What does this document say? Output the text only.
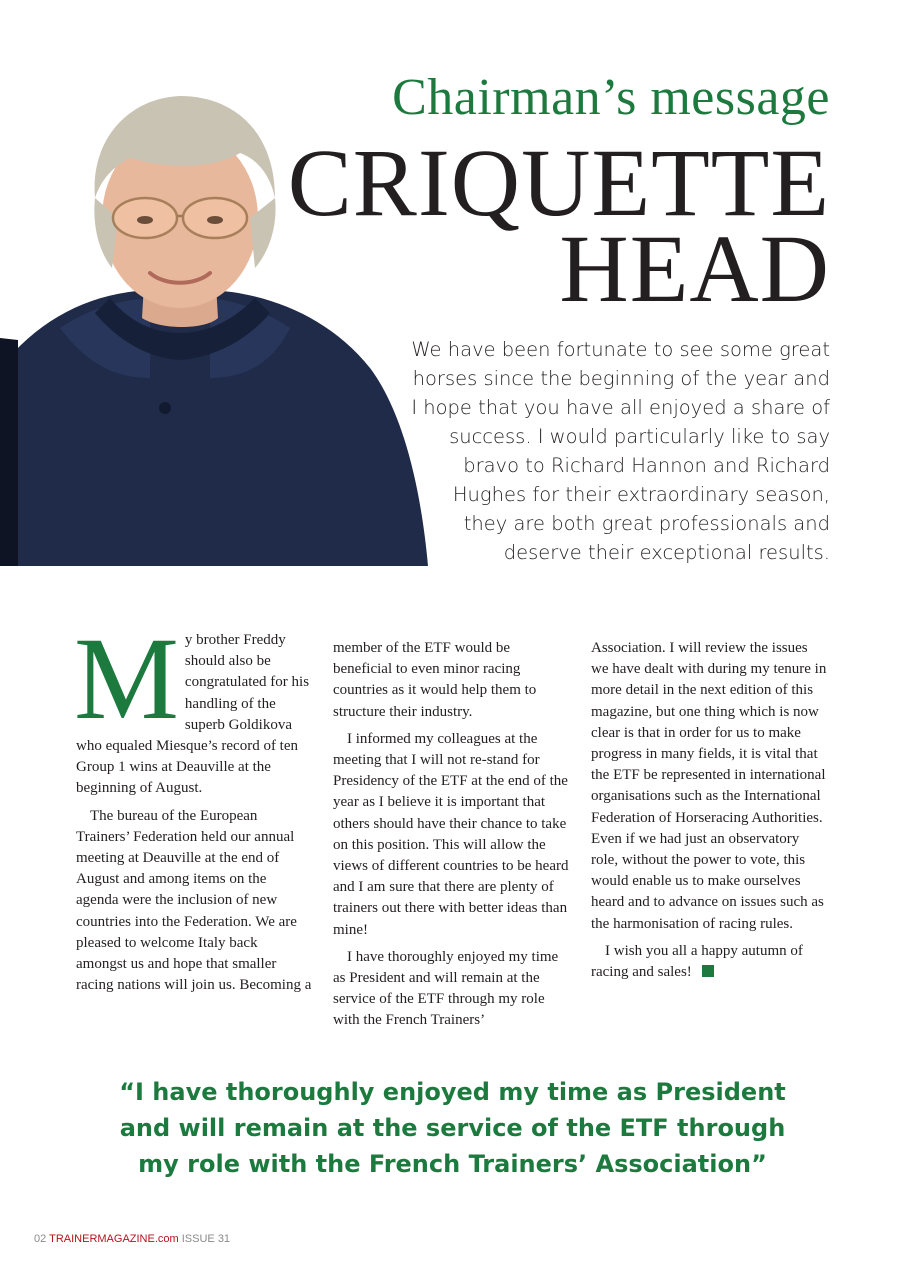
Chairman’s message
CRIQUETTE
HEAD
We have been fortunate to see some great horses since the beginning of the year and I hope that you have all enjoyed a share of success. I would particularly like to say bravo to Richard Hannon and Richard Hughes for their extraordinary season, they are both great professionals and deserve their exceptional results.

My brother Freddy should also be congratulated for his handling of the superb Goldikova who equaled Miesque’s record of ten Group 1 wins at Deauville at the beginning of August.

The bureau of the European Trainers’ Federation held our annual meeting at Deauville at the end of August and among items on the agenda were the inclusion of new countries into the Federation. We are pleased to welcome Italy back amongst us and hope that smaller racing nations will join us. Becoming a

member of the ETF would be beneficial to even minor racing countries as it would help them to structure their industry.

I informed my colleagues at the meeting that I will not re-stand for Presidency of the ETF at the end of the year as I believe it is important that others should have their chance to take on this position. This will allow the views of different countries to be heard and I am sure that there are plenty of trainers out there with better ideas than mine!

I have thoroughly enjoyed my time as President and will remain at the service of the ETF through my role with the French Trainers’

Association. I will review the issues we have dealt with during my tenure in more detail in the next edition of this magazine, but one thing which is now clear is that in order for us to make progress in many fields, it is vital that the ETF be represented in international organisations such as the International Federation of Horseracing Authorities. Even if we had just an observatory role, without the power to vote, this would enable us to make ourselves heard and to advance on issues such as the harmonisation of racing rules.

I wish you all a happy autumn of racing and sales!

“I have thoroughly enjoyed my time as President
and will remain at the service of the ETF through
my role with the French Trainers’ Association”
02 TRAINERMAGAZINE.com ISSUE 31
